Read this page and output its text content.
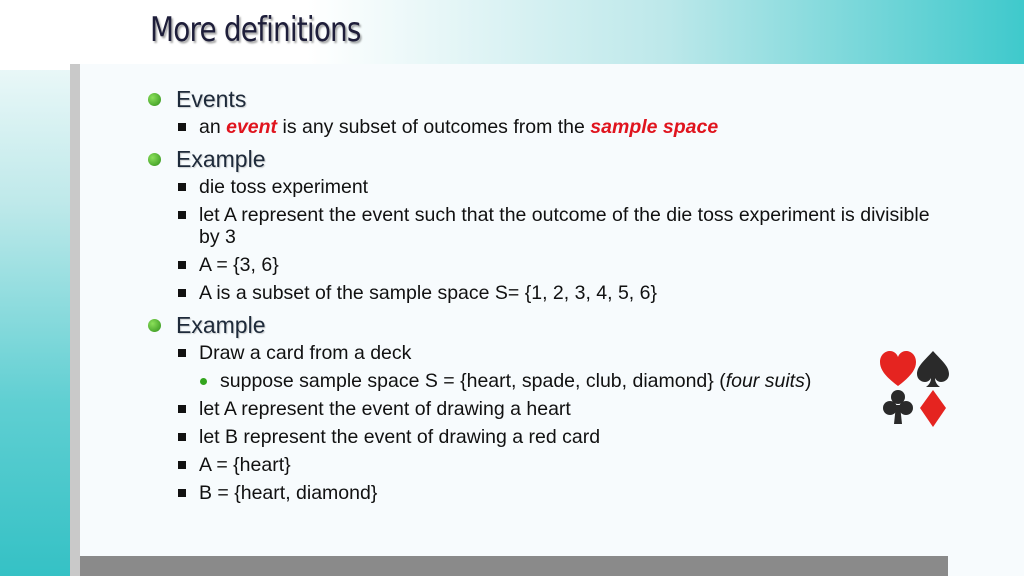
More definitions
Events
an event is any subset of outcomes from the sample space
Example
die toss experiment
let A represent the event such that the outcome of the die toss experiment is divisible by 3
A = {3, 6}
A is a subset of the sample space S= {1, 2, 3, 4, 5, 6}
Example
Draw a card from a deck
suppose sample space S = {heart, spade, club, diamond} (four suits)
let A represent the event of drawing a heart
let B represent the event of drawing a red card
A = {heart}
B = {heart, diamond}
